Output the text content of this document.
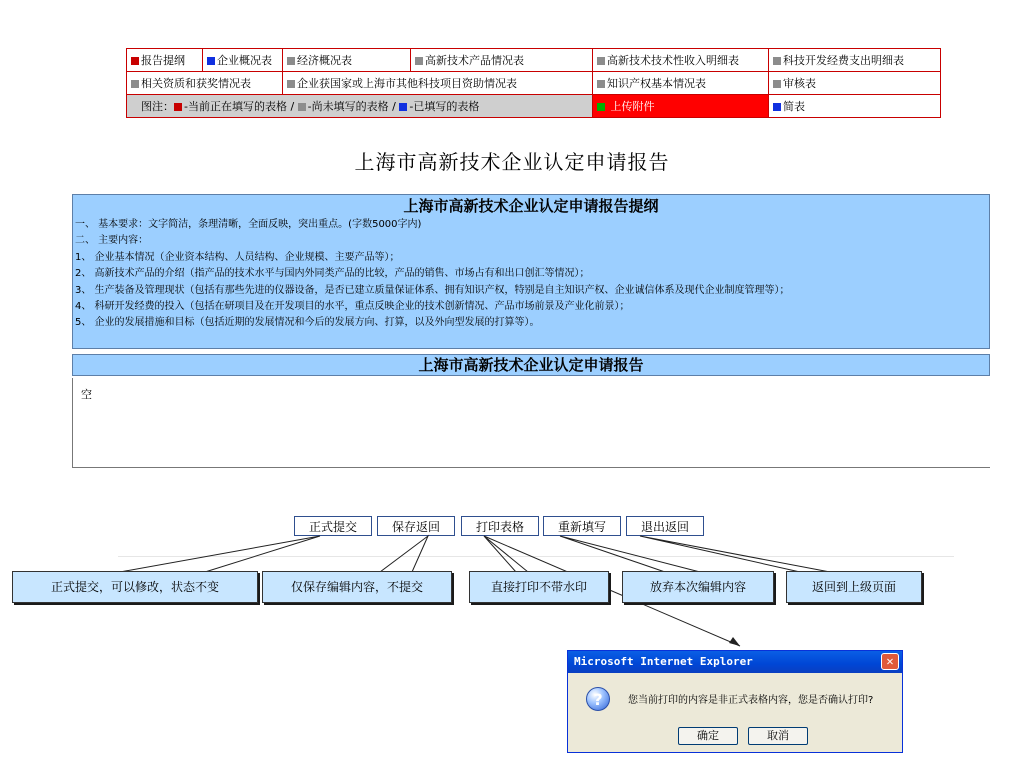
报告提纲	企业概况表	经济概况表	高新技术产品情况表	高新技术技术性收入明细表	科技开发经费支出明细表
相关资质和获奖情况表		企业获国家或上海市其他科技项目资助情况表		知识产权基本情况表	审核表
图注： -当前正在填写的表格 / -尚未填写的表格 / -已填写的表格				上传附件	简表
上海市高新技术企业认定申请报告
上海市高新技术企业认定申请报告提纲
一、 基本要求：文字简洁，条理清晰，全面反映，突出重点。(字数5000字内)
二、 主要内容：
1、 企业基本情况（企业资本结构、人员结构、企业规模、主要产品等）；
2、 高新技术产品的介绍（指产品的技术水平与国内外同类产品的比较，产品的销售、市场占有和出口创汇等情况）；
3、 生产装备及管理现状（包括有那些先进的仪器设备，是否已建立质量保证体系、拥有知识产权，特别是自主知识产权、企业诚信体系及现代企业制度管理等）；
4、 科研开发经费的投入（包括在研项目及在开发项目的水平，重点反映企业的技术创新情况、产品市场前景及产业化前景）；
5、 企业的发展措施和目标（包括近期的发展情况和今后的发展方向、打算，以及外向型发展的打算等）。
上海市高新技术企业认定申请报告
空
正式提交	保存返回	打印表格	重新填写	退出返回
正式提交，可以修改，状态不变	仅保存编辑内容，不提交	直接打印不带水印	放弃本次编辑内容	返回到上级页面
Microsoft Internet Explorer	✕
?	您当前打印的内容是非正式表格内容，您是否确认打印?
确定	取消
